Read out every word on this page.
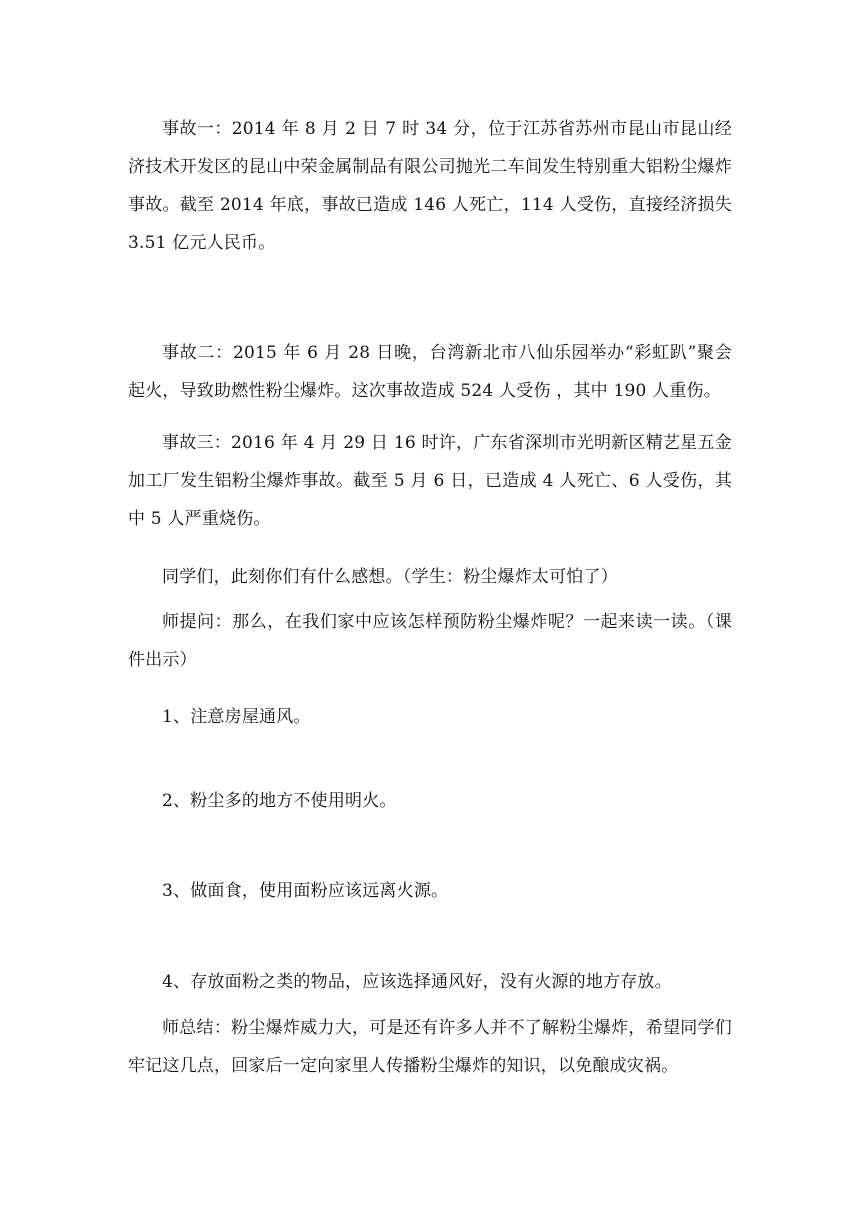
事故一：2014 年 8 月 2 日 7 时 34 分，位于江苏省苏州市昆山市昆山经济技术开发区的昆山中荣金属制品有限公司抛光二车间发生特别重大铝粉尘爆炸事故。截至 2014 年底，事故已造成 146 人死亡，114 人受伤，直接经济损失 3.51 亿元人民币。

事故二：2015 年 6 月 28 日晚，台湾新北市八仙乐园举办“彩虹趴”聚会起火，导致助燃性粉尘爆炸。这次事故造成 524 人受伤 ，其中 190 人重伤。

事故三：2016 年 4 月 29 日 16 时许，广东省深圳市光明新区精艺星五金加工厂发生铝粉尘爆炸事故。截至 5 月 6 日，已造成 4 人死亡、6 人受伤，其中 5 人严重烧伤。

同学们，此刻你们有什么感想。（学生：粉尘爆炸太可怕了）

师提问：那么，在我们家中应该怎样预防粉尘爆炸呢？一起来读一读。（课件出示）

1、注意房屋通风。

2、粉尘多的地方不使用明火。

3、做面食，使用面粉应该远离火源。

4、存放面粉之类的物品，应该选择通风好，没有火源的地方存放。

师总结：粉尘爆炸威力大，可是还有许多人并不了解粉尘爆炸，希望同学们牢记这几点，回家后一定向家里人传播粉尘爆炸的知识，以免酿成灾祸。
